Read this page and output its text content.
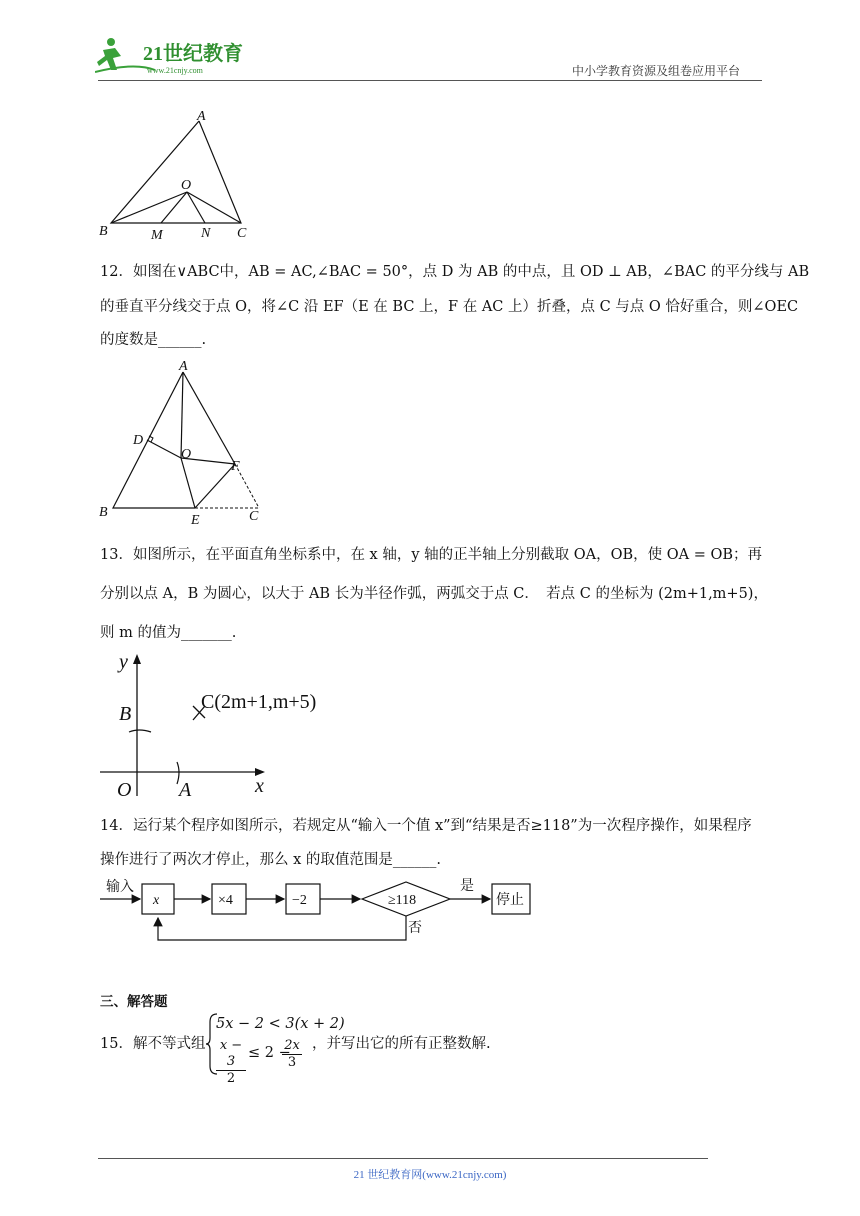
21世纪教育
www.21cnjy.com	中小学教育资源及组卷应用平台
A
O
B	M	N C
12．如图在∨ABC中，AB = AC,∠BAC = 50°，点 D 为 AB 的中点，且 OD ⊥ AB，∠BAC 的平分线与 AB
的垂直平分线交于点 O，将∠C 沿 EF（E 在 BC 上，F 在 AC 上）折叠，点 C 与点 O 恰好重合，则∠OEC
的度数是______.
A
D
O
F
B
E	C
13．如图所示，在平面直角坐标系中，在 x 轴，y 轴的正半轴上分别截取 OA，OB，使 OA = OB；再
分别以点 A，B 为圆心，以大于 AB 长为半径作弧，两弧交于点 C．　若点 C 的坐标为 (2m+1,m+5)，
则 m 的值为_______.
y
x
B
O A
C(2m+1,m+5)
14．运行某个程序如图所示，若规定从“输入一个值 x”到“结果是否≥118”为一次程序操作，如果程序
操作进行了两次才停止，那么 x 的取值范围是______.
输入
x	×4	−2	≥118
是
停止
否
三、解答题
15．解不等式组
5x − 2 < 3(x + 2)
$\frac{x - 3}{2} \le 2$ −
$\frac{2x}{3}$ ，并写出它的所有正整数解.
21 世纪教育网(www.21cnjy.com)
